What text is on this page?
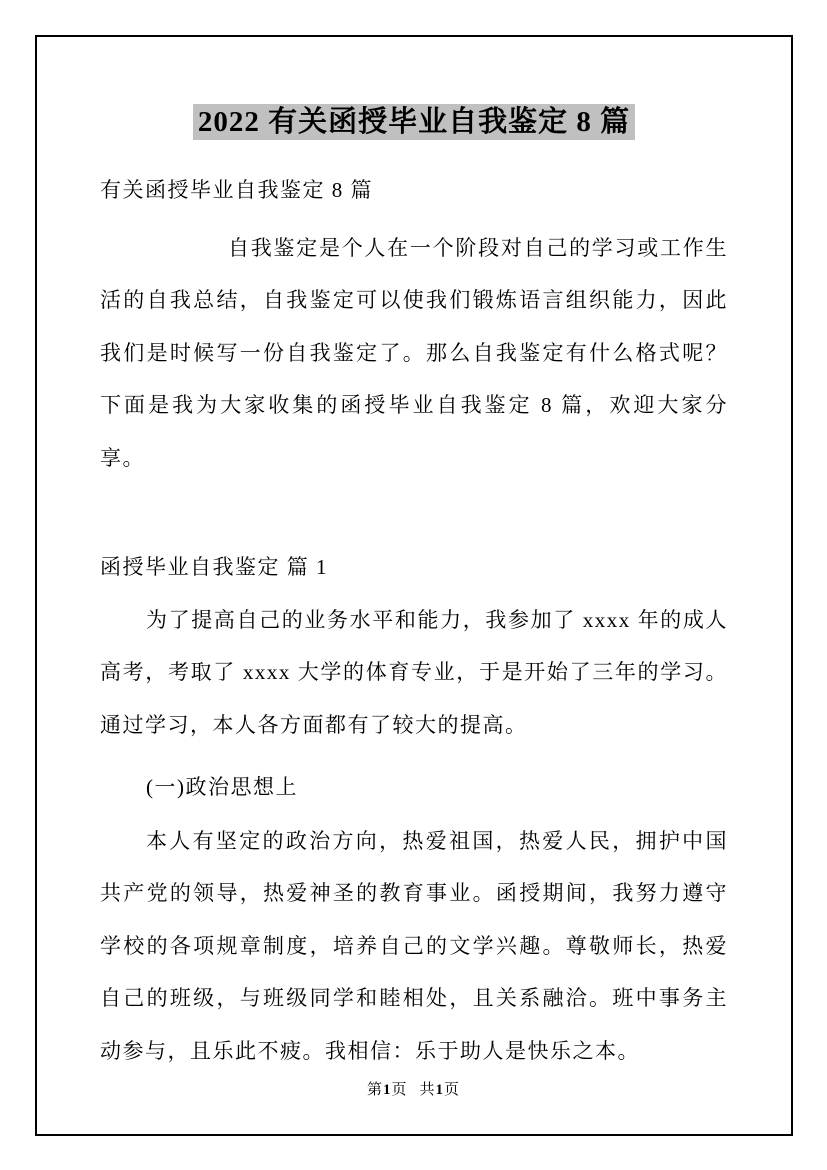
2022 有关函授毕业自我鉴定 8 篇

有关函授毕业自我鉴定 8 篇

自我鉴定是个人在一个阶段对自己的学习或工作生活的自我总结，自我鉴定可以使我们锻炼语言组织能力，因此我们是时候写一份自我鉴定了。那么自我鉴定有什么格式呢？下面是我为大家收集的函授毕业自我鉴定 8 篇，欢迎大家分享。

函授毕业自我鉴定 篇 1

为了提高自己的业务水平和能力，我参加了 xxxx 年的成人高考，考取了 xxxx 大学的体育专业，于是开始了三年的学习。通过学习，本人各方面都有了较大的提高。

(一)政治思想上

本人有坚定的政治方向，热爱祖国，热爱人民，拥护中国共产党的领导，热爱神圣的教育事业。函授期间，我努力遵守学校的各项规章制度，培养自己的文学兴趣。尊敬师长，热爱自己的班级，与班级同学和睦相处，且关系融洽。班中事务主动参与，且乐此不疲。我相信：乐于助人是快乐之本。

第1页 共1页
